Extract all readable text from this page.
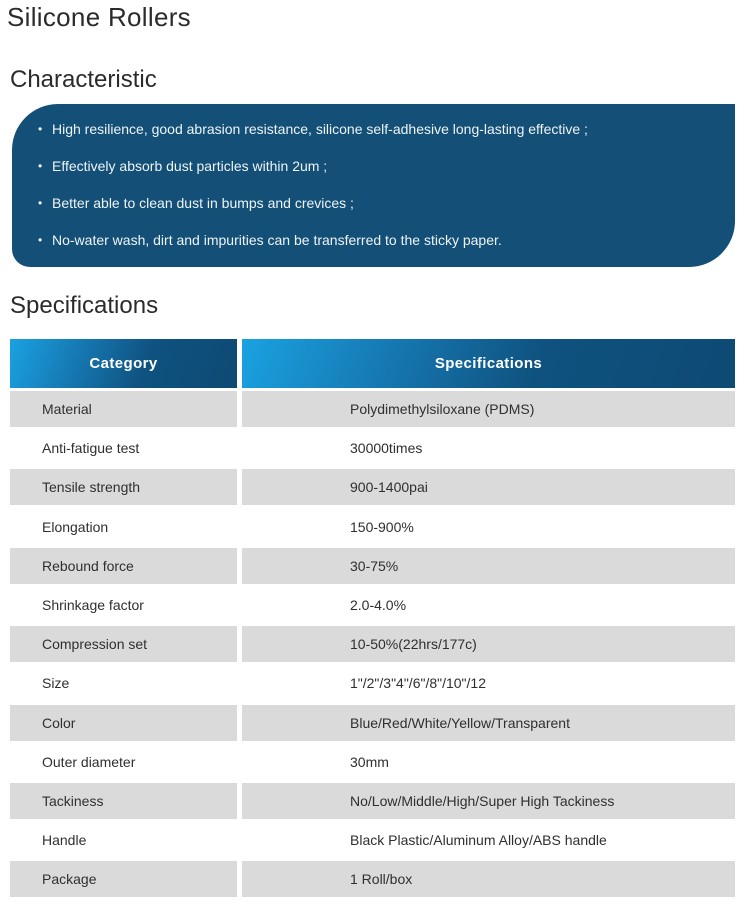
Silicone Rollers
Characteristic
• High resilience, good abrasion resistance, silicone self-adhesive long-lasting effective ;
• Effectively absorb dust particles within 2um ;
• Better able to clean dust in bumps and crevices ;
• No-water wash, dirt and impurities can be transferred to the sticky paper.
Specifications
Category	Specifications
Material	Polydimethylsiloxane (PDMS)
Anti-fatigue test	30000times
Tensile strength	900-1400pai
Elongation	150-900%
Rebound force	30-75%
Shrinkage factor	2.0-4.0%
Compression set	10-50%(22hrs/177c)
Size	1"/2"/3"4"/6"/8"/10"/12
Color	Blue/Red/White/Yellow/Transparent
Outer diameter	30mm
Tackiness	No/Low/Middle/High/Super High Tackiness
Handle	Black Plastic/Aluminum Alloy/ABS handle
Package	1 Roll/box
